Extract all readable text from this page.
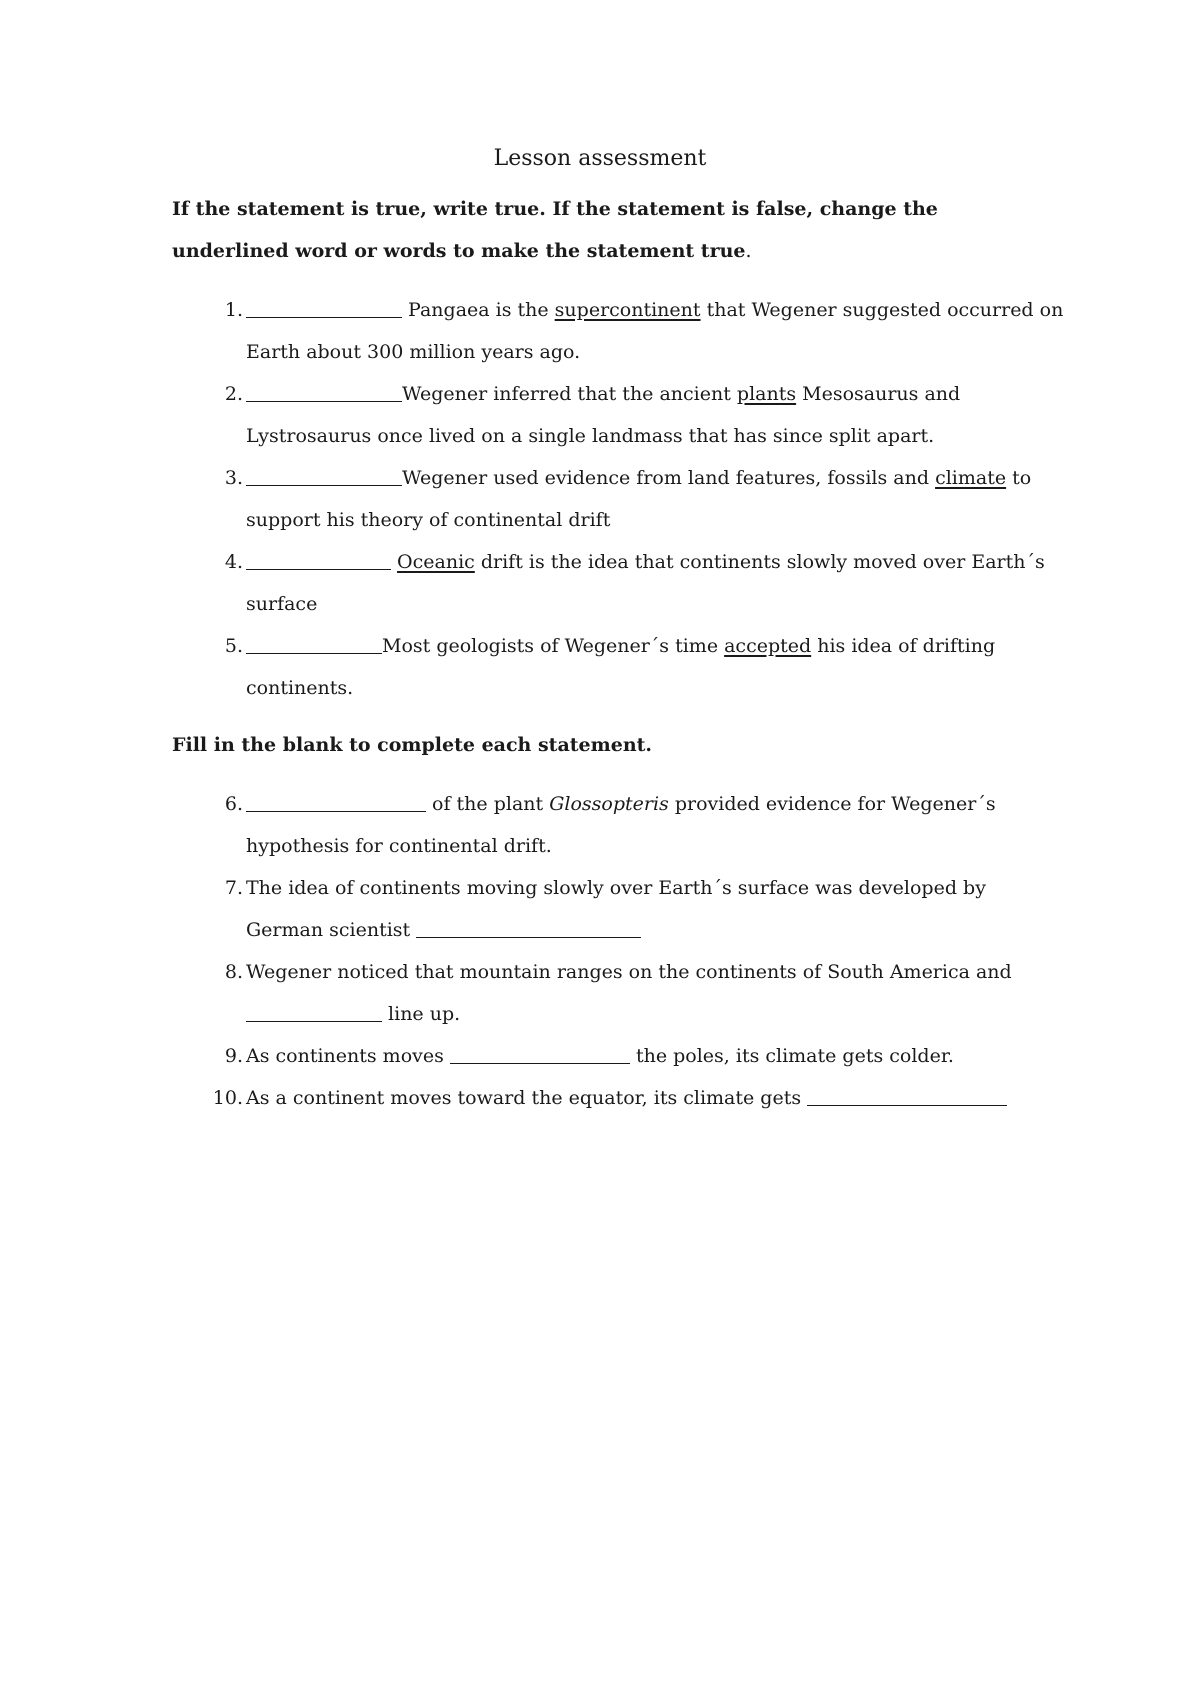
Lesson assessment

If the statement is true, write true. If the statement is false, change the underlined word or words to make the statement true.

1.	Pangaea is the supercontinent that Wegener suggested occurred on Earth about 300 million years ago.
2.	Wegener inferred that the ancient plants Mesosaurus and Lystrosaurus once lived on a single landmass that has since split apart.
3.	Wegener used evidence from land features, fossils and climate to support his theory of continental drift
4.	Oceanic drift is the idea that continents slowly moved over Earth´s surface
5.	Most geologists of Wegener´s time accepted his idea of drifting continents.

Fill in the blank to complete each statement.

6.	of the plant Glossopteris provided evidence for Wegener´s hypothesis for continental drift.
7. The idea of continents moving slowly over Earth´s surface was developed by German scientist
8. Wegener noticed that mountain ranges on the continents of South America and  line up.
9. As continents moves	the poles, its climate gets colder.
10. As a continent moves toward the equator, its climate gets
